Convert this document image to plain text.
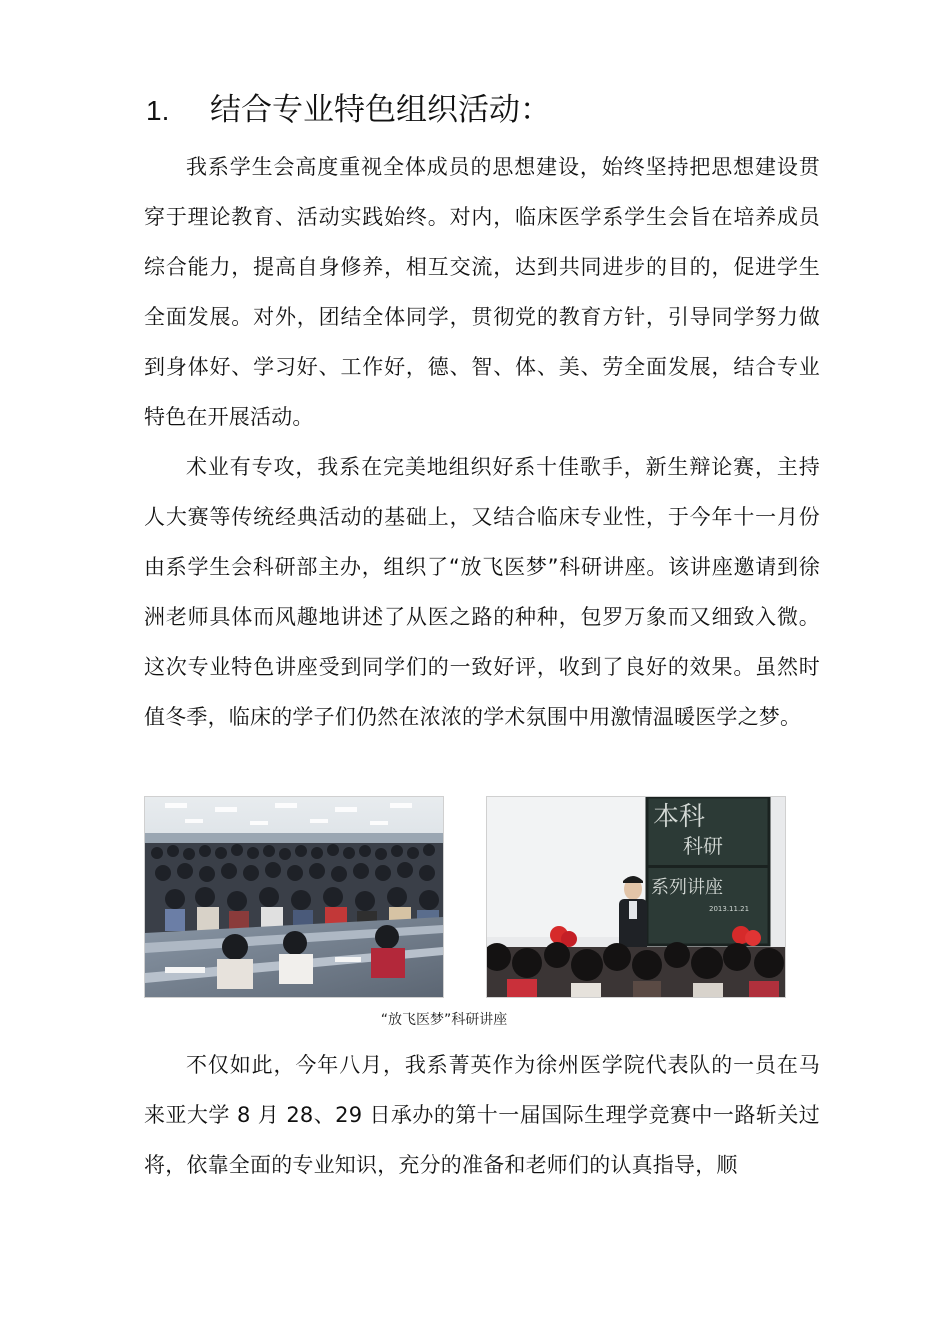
1. 结合专业特色组织活动：

我系学生会高度重视全体成员的思想建设，始终坚持把思想建设贯穿于理论教育、活动实践始终。对内，临床医学系学生会旨在培养成员综合能力，提高自身修养，相互交流，达到共同进步的目的，促进学生全面发展。对外，团结全体同学，贯彻党的教育方针，引导同学努力做到身体好、学习好、工作好，德、智、体、美、劳全面发展，结合专业特色在开展活动。

术业有专攻，我系在完美地组织好系十佳歌手，新生辩论赛，主持人大赛等传统经典活动的基础上，又结合临床专业性，于今年十一月份由系学生会科研部主办，组织了“放飞医梦”科研讲座。该讲座邀请到徐洲老师具体而风趣地讲述了从医之路的种种，包罗万象而又细致入微。这次专业特色讲座受到同学们的一致好评，收到了良好的效果。虽然时值冬季，临床的学子们仍然在浓浓的学术氛围中用激情温暖医学之梦。

本科
科研
系列讲座
2013.11.21
“放飞医梦”科研讲座

不仅如此，今年八月，我系菁英作为徐州医学院代表队的一员在马来亚大学 8 月 28、29 日承办的第十一届国际生理学竞赛中一路斩关过将，依靠全面的专业知识，充分的准备和老师们的认真指导，顺
